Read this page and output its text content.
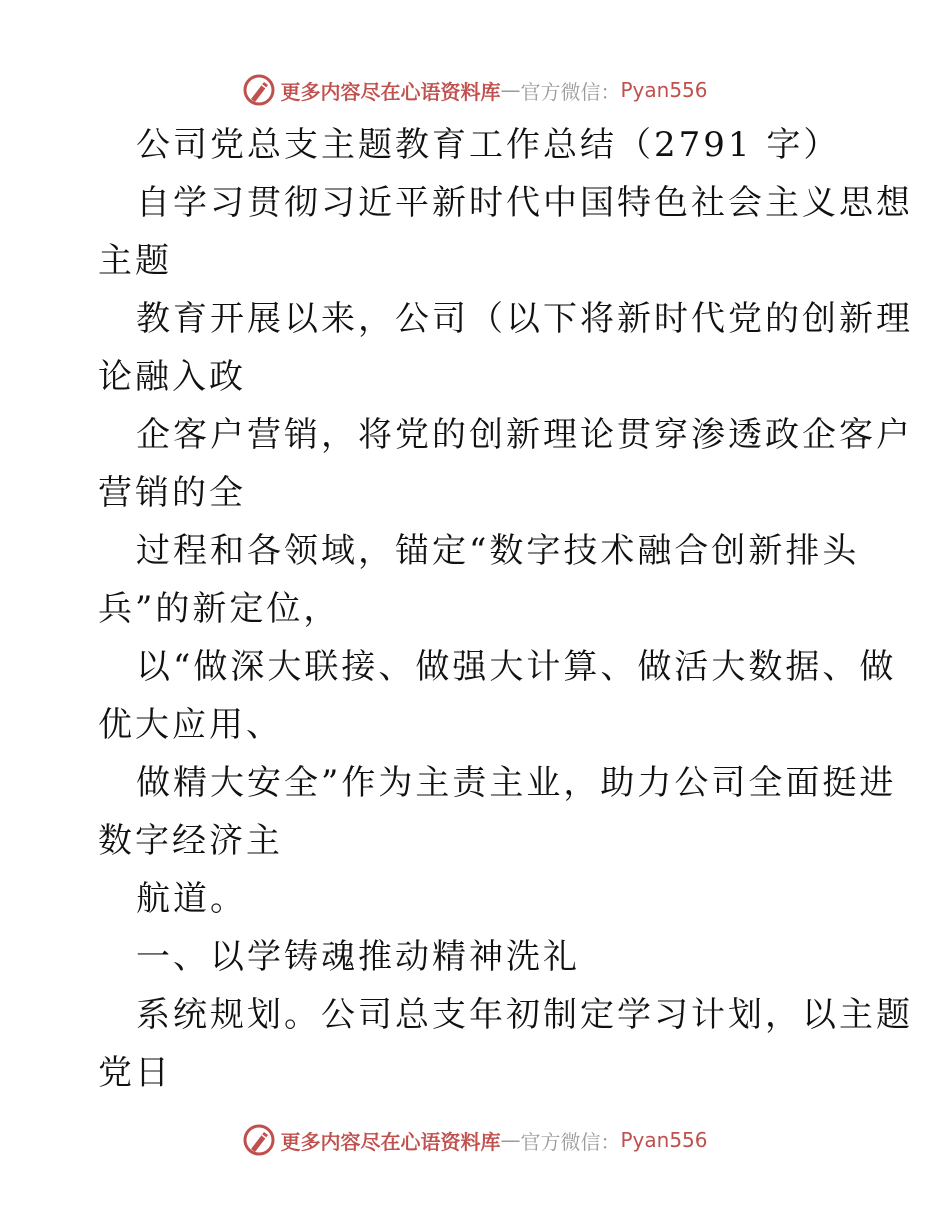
更多内容尽在心语资料库 — 官方微信： Pyan556
公司党总支主题教育工作总结（2791 字）
自学习贯彻习近平新时代中国特色社会主义思想
主题
教育开展以来，公司（以下将新时代党的创新理
论融入政
企客户营销，将党的创新理论贯穿渗透政企客户
营销的全
过程和各领域，锚定“数字技术融合创新排头
兵”的新定位，
以“做深大联接、做强大计算、做活大数据、做
优大应用、
做精大安全”作为主责主业，助力公司全面挺进
数字经济主
航道。
一、以学铸魂推动精神洗礼
系统规划。公司总支年初制定学习计划，以主题
党日
更多内容尽在心语资料库 — 官方微信： Pyan556
